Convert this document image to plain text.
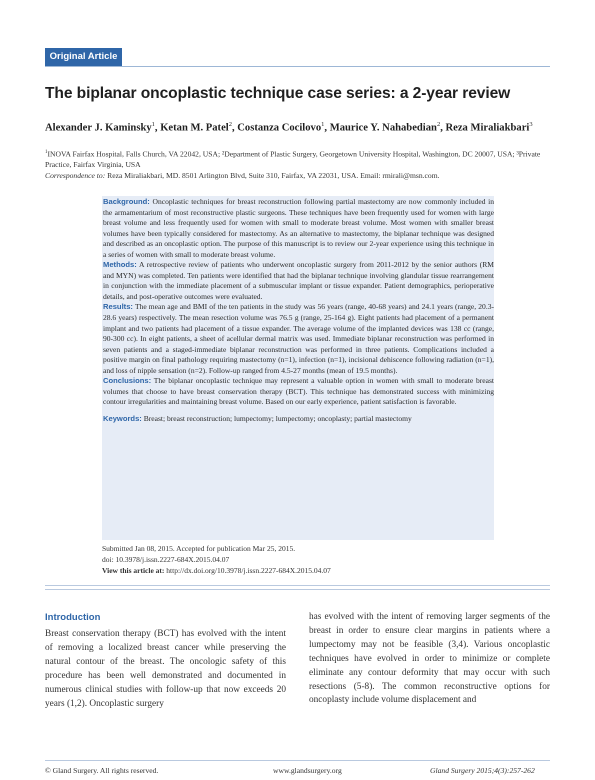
Original Article
The biplanar oncoplastic technique case series: a 2-year review
Alexander J. Kaminsky$^1$, Ketan M. Patel$^2$, Costanza Cocilovo$^1$, Maurice Y. Nahabedian$^2$, Reza Miraliakbari$^3$
$^1$INOVA Fairfax Hospital, Falls Church, VA 22042, USA; ²Department of Plastic Surgery, Georgetown University Hospital, Washington, DC 20007, USA; ³Private Practice, Fairfax Virginia, USA
Correspondence to: Reza Miraliakbari, MD. 8501 Arlington Blvd, Suite 310, Fairfax, VA 22031, USA. Email: rmirali@msn.com.

Background: Oncoplastic techniques for breast reconstruction following partial mastectomy are now commonly included in the armamentarium of most reconstructive plastic surgeons. These techniques have been frequently used for women with large breast volume and less frequently used for women with small to moderate breast volume. Most women with smaller breast volumes have been typically considered for mastectomy. As an alternative to mastectomy, the biplanar technique was designed and described as an oncoplastic option. The purpose of this manuscript is to review our 2-year experience using this technique in a series of women with small to moderate breast volume.

Methods: A retrospective review of patients who underwent oncoplastic surgery from 2011-2012 by the senior authors (RM and MYN) was completed. Ten patients were identified that had the biplanar technique involving glandular tissue rearrangement in conjunction with the immediate placement of a submuscular implant or tissue expander. Patient demographics, perioperative details, and post-operative outcomes were evaluated.

Results: The mean age and BMI of the ten patients in the study was 56 years (range, 40-68 years) and 24.1 years (range, 20.3-28.6 years) respectively. The mean resection volume was 76.5 g (range, 25-164 g). Eight patients had placement of a permanent implant and two patients had placement of a tissue expander. The average volume of the implanted devices was 138 cc (range, 90-300 cc). In eight patients, a sheet of acellular dermal matrix was used. Immediate biplanar reconstruction was performed in seven patients and a staged-immediate biplanar reconstruction was performed in three patients. Complications included a positive margin on final pathology requiring mastectomy (n=1), infection (n=1), incisional dehiscence following radiation (n=1), and loss of nipple sensation (n=2). Follow-up ranged from 4.5-27 months (mean of 19.5 months).

Conclusions: The biplanar oncoplastic technique may represent a valuable option in women with small to moderate breast volumes that choose to have breast conservation therapy (BCT). This technique has demonstrated success with minimizing contour irregularities and maintaining breast volume. Based on our early experience, patient satisfaction is favorable.

Keywords: Breast; breast reconstruction; lumpectomy; lumpectomy; oncoplasty; partial mastectomy

Submitted Jan 08, 2015. Accepted for publication Mar 25, 2015.
doi: 10.3978/j.issn.2227-684X.2015.04.07
View this article at: http://dx.doi.org/10.3978/j.issn.2227-684X.2015.04.07
Introduction

Breast conservation therapy (BCT) has evolved with the intent of removing a localized breast cancer while preserving the natural contour of the breast. The oncologic safety of this procedure has been well demonstrated and documented in numerous clinical studies with follow-up that now exceeds 20 years (1,2). Oncoplastic surgery

has evolved with the intent of removing larger segments of the breast in order to ensure clear margins in patients where a lumpectomy may not be feasible (3,4). Various oncoplastic techniques have evolved in order to minimize or complete eliminate any contour deformity that may occur with such resections (5-8). The common reconstructive options for oncoplasty include volume displacement and

© Gland Surgery. All rights reserved.	www.glandsurgery.org	Gland Surgery 2015;4(3):257-262
